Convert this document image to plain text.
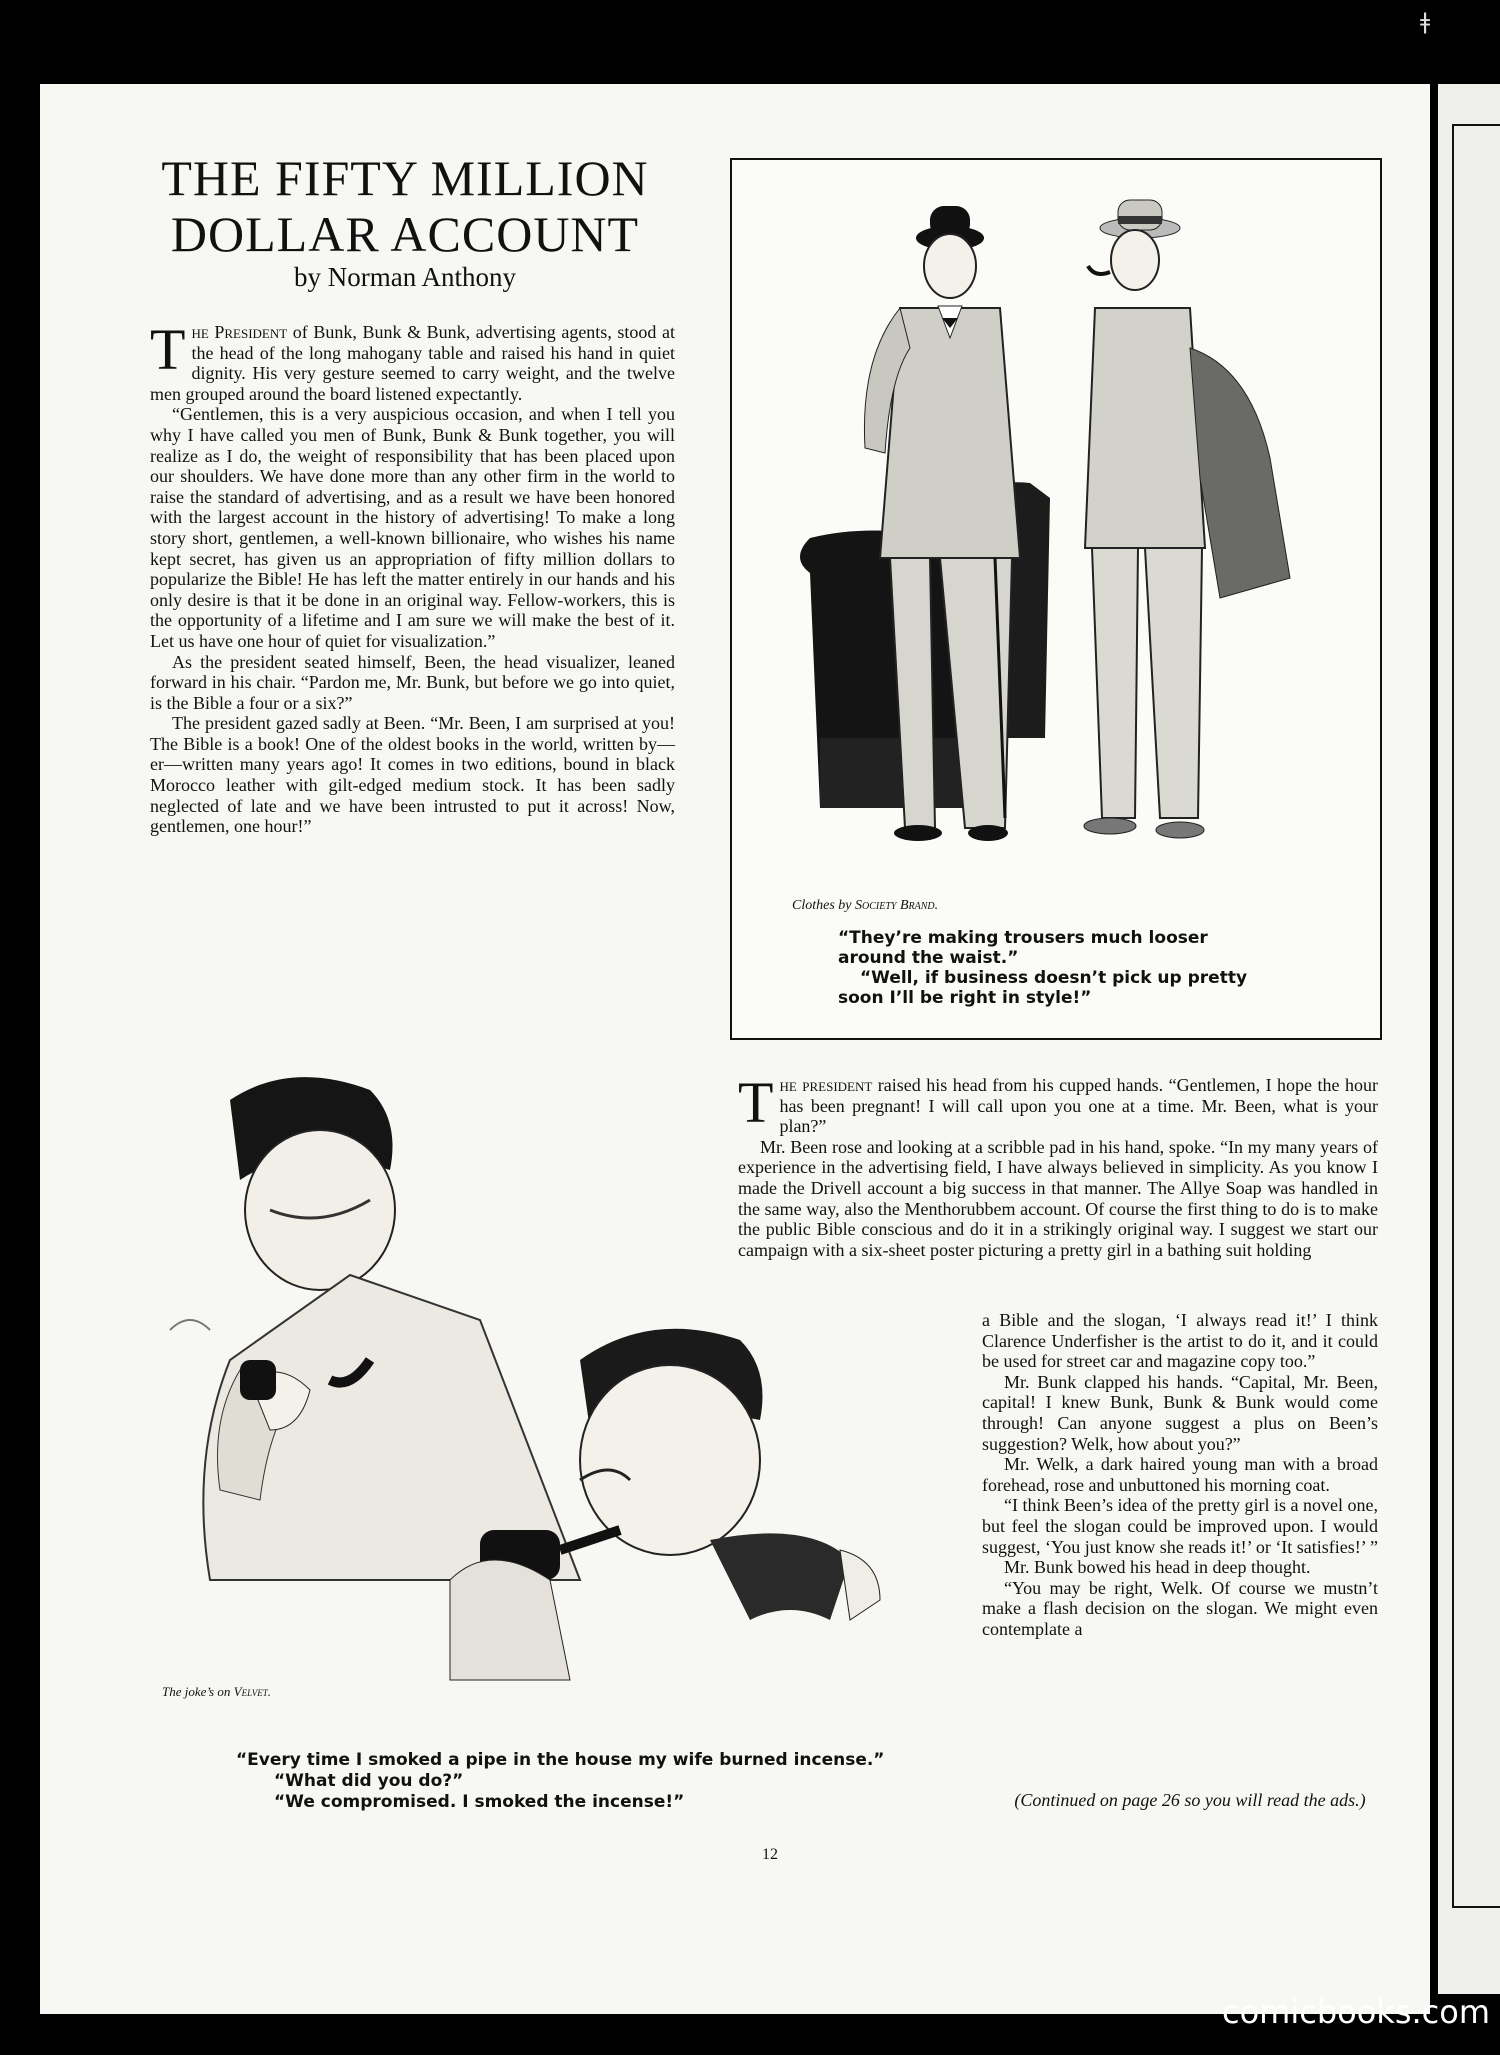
ǂ
THE FIFTY MILLION DOLLAR ACCOUNT
by Norman Anthony

The President of Bunk, Bunk & Bunk, advertising agents, stood at the head of the long mahogany table and raised his hand in quiet dignity. His very gesture seemed to carry weight, and the twelve men grouped around the board listened expectantly.

“Gentlemen, this is a very auspicious occasion, and when I tell you why I have called you men of Bunk, Bunk & Bunk together, you will realize as I do, the weight of responsibility that has been placed upon our shoulders. We have done more than any other firm in the world to raise the standard of advertising, and as a result we have been honored with the largest account in the history of advertising! To make a long story short, gentlemen, a well-known billionaire, who wishes his name kept secret, has given us an appropriation of fifty million dollars to popularize the Bible! He has left the matter entirely in our hands and his only desire is that it be done in an original way. Fellow-workers, this is the opportunity of a lifetime and I am sure we will make the best of it. Let us have one hour of quiet for visualization.”

As the president seated himself, Been, the head visualizer, leaned forward in his chair. “Pardon me, Mr. Bunk, but before we go into quiet, is the Bible a four or a six?”

The president gazed sadly at Been. “Mr. Been, I am surprised at you! The Bible is a book! One of the oldest books in the world, written by—er—written many years ago! It comes in two editions, bound in black Morocco leather with gilt-edged medium stock. It has been sadly neglected of late and we have been intrusted to put it across! Now, gentlemen, one hour!”

Clothes by Society Brand.

“They’re making trousers much looser around the waist.”

“Well, if business doesn’t pick up pretty soon I’ll be right in style!”

The joke’s on Velvet.

“Every time I smoked a pipe in the house my wife burned incense.”

“What did you do?”

“We compromised. I smoked the incense!”

The president raised his head from his cupped hands. “Gentlemen, I hope the hour has been pregnant! I will call upon you one at a time. Mr. Been, what is your plan?”

Mr. Been rose and looking at a scribble pad in his hand, spoke. “In my many years of experience in the advertising field, I have always believed in simplicity. As you know I made the Drivell account a big success in that manner. The Allye Soap was handled in the same way, also the Menthorubbem account. Of course the first thing to do is to make the public Bible conscious and do it in a strikingly original way. I suggest we start our campaign with a six-sheet poster picturing a pretty girl in a bathing suit holding

a Bible and the slogan, ‘I always read it!’ I think Clarence Underfisher is the artist to do it, and it could be used for street car and magazine copy too.”

Mr. Bunk clapped his hands. “Capital, Mr. Been, capital! I knew Bunk, Bunk & Bunk would come through! Can anyone suggest a plus on Been’s suggestion? Welk, how about you?”

Mr. Welk, a dark haired young man with a broad forehead, rose and unbuttoned his morning coat.

“I think Been’s idea of the pretty girl is a novel one, but feel the slogan could be improved upon. I would suggest, ‘You just know she reads it!’ or ‘It satisfies!’ ”

Mr. Bunk bowed his head in deep thought.

“You may be right, Welk. Of course we mustn’t make a flash decision on the slogan. We might even contemplate a

(Continued on page 26 so you will read the ads.)
12
comicbooks.com
